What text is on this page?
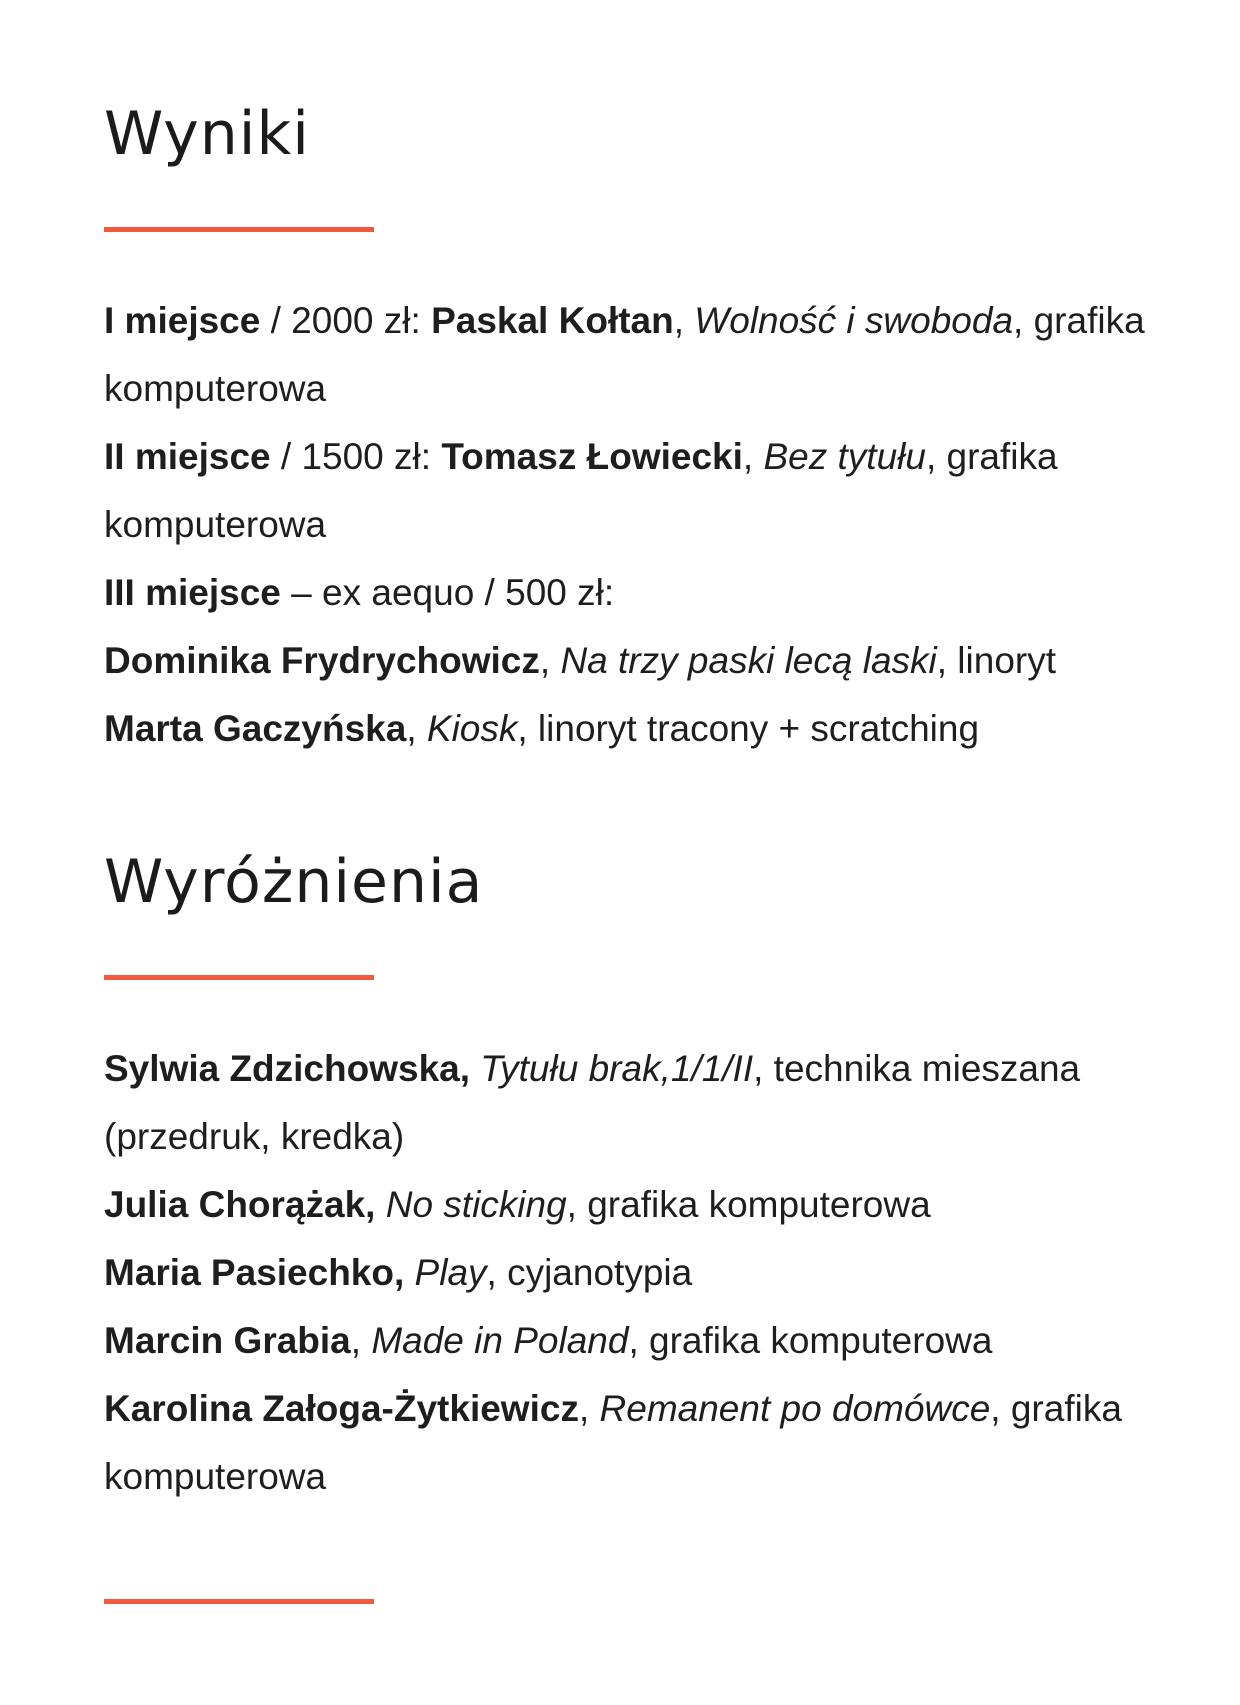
Wyniki
I miejsce / 2000 zł: Paskal Kołtan, Wolność i swoboda, grafika komputerowa
II miejsce / 1500 zł: Tomasz Łowiecki, Bez tytułu, grafika komputerowa
III miejsce – ex aequo / 500 zł:
Dominika Frydrychowicz, Na trzy paski lecą laski, linoryt
Marta Gaczyńska, Kiosk, linoryt tracony + scratching
Wyróżnienia
Sylwia Zdzichowska, Tytułu brak,1/1/II, technika mieszana (przedruk, kredka)
Julia Chorążak, No sticking, grafika komputerowa
Maria Pasiechko, Play, cyjanotypia
Marcin Grabia, Made in Poland, grafika komputerowa
Karolina Załoga-Żytkiewicz, Remanent po domówce, grafika komputerowa
